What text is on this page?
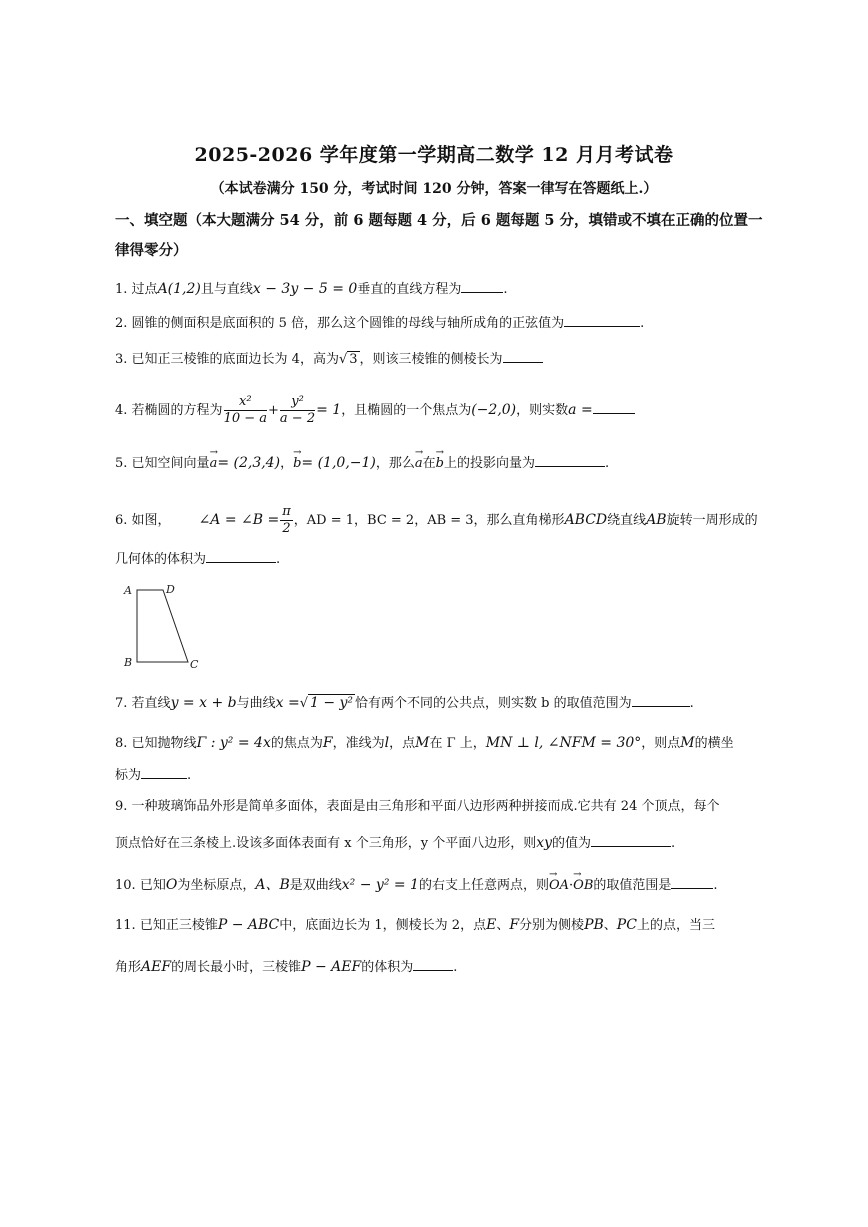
2025-2026 学年度第一学期高二数学 12 月月考试卷
（本试卷满分 150 分，考试时间 120 分钟，答案一律写在答题纸上.）
一、填空题（本大题满分 54 分，前 6 题每题 4 分，后 6 题每题 5 分，填错或不填在正确的位置一律得零分）
1. 过点A(1,2)且与直线x − 3y − 5 = 0垂直的直线方程为	.
2. 圆锥的侧面积是底面积的 5 倍，那么这个圆锥的母线与轴所成角的正弦值为	.
3. 已知正三棱锥的底面边长为 4，高为√ 3 ，则该三棱锥的侧棱长为
4. 若椭圆的方程为 $\frac{\text{x²}}{10 - a} + \frac{\text{y²}}{a - 2} = 1$，且椭圆的一个焦点为(−2,0)，则实数a =
5. 已知空间向量→ a= (2,3,4)，→ b= (1,0,−1)，那么→ a在→ b上的投影向量为	.
6. 如图， ∠A = ∠B = $\frac{\pi}{2}$ ，AD = 1，BC = 2，AB = 3，那么直角梯形ABCD绕直线AB旋转一周形成的
几何体的体积为	.
A	D
B	C
7. 若直线y = x + b与曲线x =√ 1 − y² 恰有两个不同的公共点，则实数 b 的取值范围为	.
8. 已知抛物线Γ : y² = 4x的焦点为F，准线为l，点M在 Γ 上，MN ⊥ l, ∠NFM = 30°，则点M的横坐
标为	.
9. 一种玻璃饰品外形是简单多面体，表面是由三角形和平面八边形两种拼接而成.它共有 24 个顶点，每个
顶点恰好在三条棱上.设该多面体表面有 x 个三角形，y 个平面八边形，则xy的值为	.
10. 已知O为坐标原点，A、B是双曲线x² − y² = 1的右支上任意两点，则→ OA·→ OB的取值范围是	.
11. 已知正三棱锥P − ABC中，底面边长为 1，侧棱长为 2，点E、F分别为侧棱PB、PC上的点，当三
角形AEF的周长最小时，三棱锥P − AEF的体积为	.
